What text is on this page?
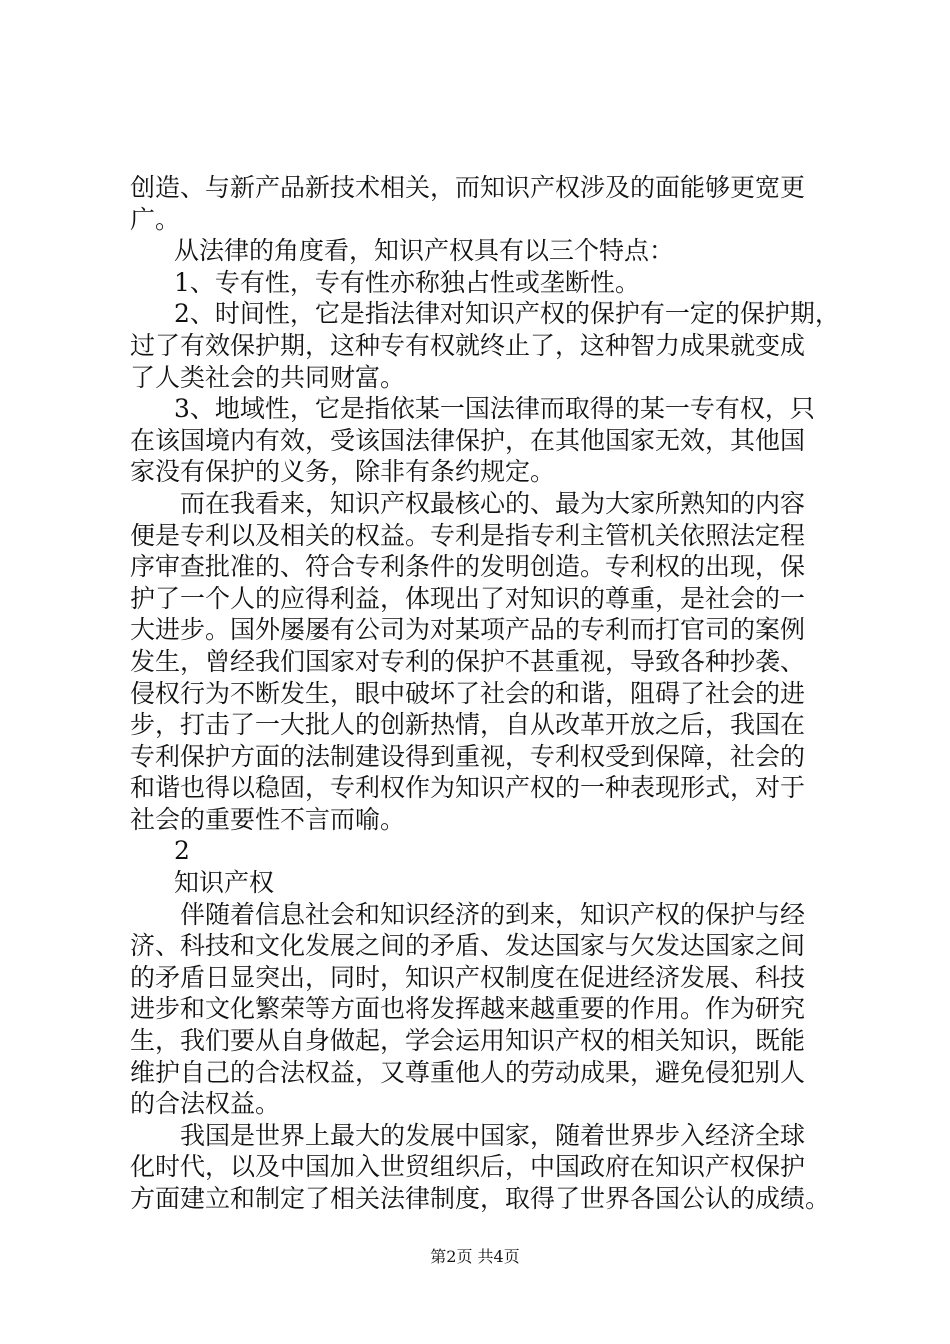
创造、与新产品新技术相关，而知识产权涉及的面能够更宽更
广。
从法律的角度看，知识产权具有以三个特点：
1、专有性，专有性亦称独占性或垄断性。
2、时间性，它是指法律对知识产权的保护有一定的保护期，
过了有效保护期，这种专有权就终止了，这种智力成果就变成
了人类社会的共同财富。
3、地域性，它是指依某一国法律而取得的某一专有权，只
在该国境内有效，受该国法律保护，在其他国家无效，其他国
家没有保护的义务，除非有条约规定。
而在我看来，知识产权最核心的、最为大家所熟知的内容
便是专利以及相关的权益。专利是指专利主管机关依照法定程
序审查批准的、符合专利条件的发明创造。专利权的出现，保
护了一个人的应得利益，体现出了对知识的尊重，是社会的一
大进步。国外屡屡有公司为对某项产品的专利而打官司的案例
发生，曾经我们国家对专利的保护不甚重视，导致各种抄袭、
侵权行为不断发生，眼中破坏了社会的和谐，阻碍了社会的进
步，打击了一大批人的创新热情，自从改革开放之后，我国在
专利保护方面的法制建设得到重视，专利权受到保障，社会的
和谐也得以稳固，专利权作为知识产权的一种表现形式，对于
社会的重要性不言而喻。
2
知识产权
伴随着信息社会和知识经济的到来，知识产权的保护与经
济、科技和文化发展之间的矛盾、发达国家与欠发达国家之间
的矛盾日显突出，同时，知识产权制度在促进经济发展、科技
进步和文化繁荣等方面也将发挥越来越重要的作用。作为研究
生，我们要从自身做起，学会运用知识产权的相关知识，既能
维护自己的合法权益，又尊重他人的劳动成果，避免侵犯别人
的合法权益。
我国是世界上最大的发展中国家，随着世界步入经济全球
化时代，以及中国加入世贸组织后，中国政府在知识产权保护
方面建立和制定了相关法律制度，取得了世界各国公认的成绩。
第2页 共4页
